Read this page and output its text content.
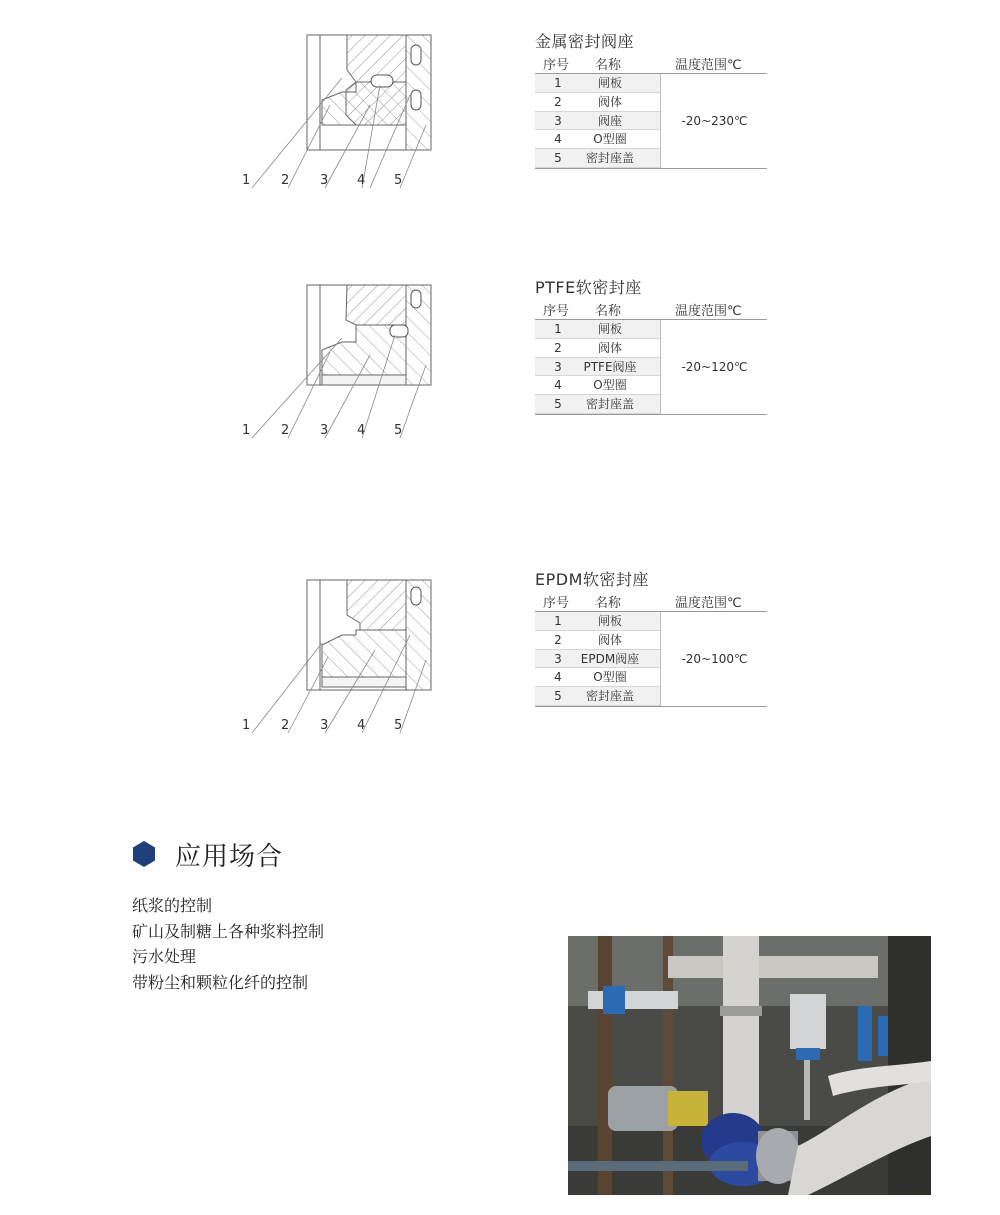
1 2 3 4 5
金属密封阀座
序号 名称	温度范围℃
1	闸板
2	阀体
3	阀座
4	O型圈
5	密封座盖
-20~230℃
1 2 3 4 5
PTFE软密封座
序号 名称	温度范围℃
1	闸板
2	阀体
3	PTFE阀座
4	O型圈
5	密封座盖
-20~120℃
1 2 3 4 5
EPDM软密封座
序号 名称	温度范围℃
1	闸板
2	阀体
3	EPDM阀座
4	O型圈
5	密封座盖
-20~100℃
应用场合
纸浆的控制
矿山及制糖上各种浆料控制
污水处理
带粉尘和颗粒化纤的控制
